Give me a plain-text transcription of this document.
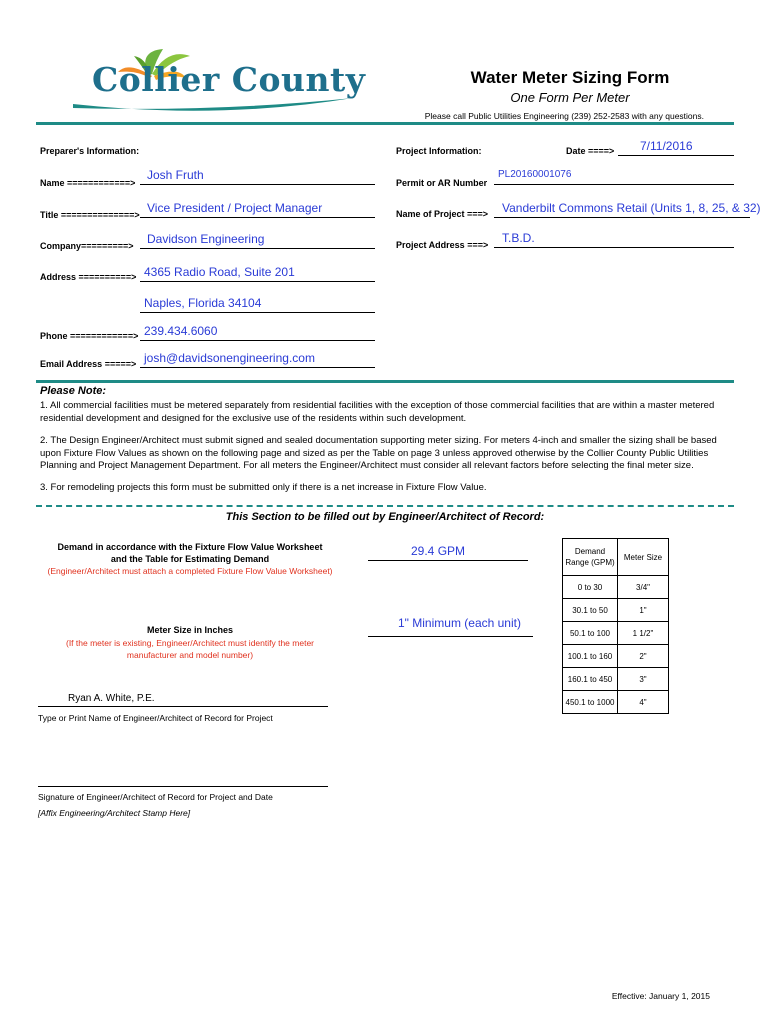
Collier County	Water Meter Sizing Form
One Form Per Meter
Please call Public Utilities Engineering (239) 252-2583 with any questions.
Preparer's Information:
Name ============>
Josh Fruth
Title ==============> Vice President / Project Manager
Company=========> Davidson Engineering
Address ==========> 4365 Radio Road, Suite 201
Naples, Florida 34104
Phone ============> 239.434.6060
Email Address =====> josh@davidsonengineering.com
Project Information:	Date ====> 7/11/2016
Permit or AR Number
PL20160001076
Name of Project ===> Vanderbilt Commons Retail (Units 1, 8, 25, & 32)
Project Address ===> T.B.D.
Please Note:
1. All commercial facilities must be metered separately from residential facilities with the exception of those commercial facilities that are within a master metered residential development and designed for the exclusive use of the residents within such development.
2. The Design Engineer/Architect must submit signed and sealed documentation supporting meter sizing. For meters 4-inch and smaller the sizing shall be based upon Fixture Flow Values as shown on the following page and sized as per the Table on page 3 unless approved otherwise by the Collier County Public Utilities Planning and Project Management Department. For all meters the Engineer/Architect must consider all relevant factors before selecting the final meter size.
3. For remodeling projects this form must be submitted only if there is a net increase in Fixture Flow Value.
This Section to be filled out by Engineer/Architect of Record:
Demand in accordance with the Fixture Flow Value Worksheet
and the Table for Estimating Demand
(Engineer/Architect must attach a completed Fixture Flow Value Worksheet)
29.4 GPM
Meter Size in Inches
(If the meter is existing, Engineer/Architect must identify the meter manufacturer and model number)
1" Minimum (each unit)
Ryan A. White, P.E.
Type or Print Name of Engineer/Architect of Record for Project
Signature of Engineer/Architect of Record for Project and Date
[Affix Engineering/Architect Stamp Here]
Demand
Range (GPM)	Meter Size
0 to 30	3/4"
30.1 to 50	1"
50.1 to 100	1 1/2"
100.1 to 160	2"
160.1 to 450	3"
450.1 to 1000	4"
Effective: January 1, 2015
